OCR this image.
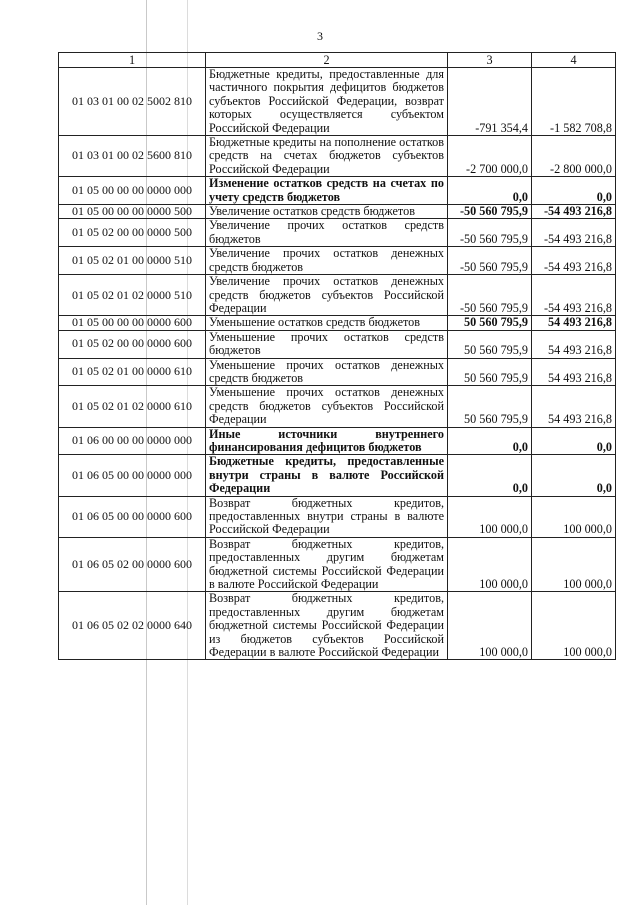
3
1	2	3	4
01 03 01 00 02 5002 810	Бюджетные кредиты, предоставленные для частичного покрытия дефицитов бюджетов субъектов Российской Федерации, возврат которых осуществляется субъектом Российской Федерации	-791 354,4	-1 582 708,8
01 03 01 00 02 5600 810	Бюджетные кредиты на пополнение остатков средств на счетах бюджетов субъектов Российской Федерации	-2 700 000,0	-2 800 000,0
01 05 00 00 00 0000 000	Изменение остатков средств на счетах по учету средств бюджетов	0,0	0,0
01 05 00 00 00 0000 500	Увеличение остатков средств бюджетов	-50 560 795,9	-54 493 216,8
01 05 02 00 00 0000 500	Увеличение прочих остатков средств бюджетов	-50 560 795,9	-54 493 216,8
01 05 02 01 00 0000 510	Увеличение прочих остатков денежных средств бюджетов	-50 560 795,9	-54 493 216,8
01 05 02 01 02 0000 510	Увеличение прочих остатков денежных средств бюджетов субъектов Российской Федерации	-50 560 795,9	-54 493 216,8
01 05 00 00 00 0000 600	Уменьшение остатков средств бюджетов	50 560 795,9	54 493 216,8
01 05 02 00 00 0000 600	Уменьшение прочих остатков средств бюджетов	50 560 795,9	54 493 216,8
01 05 02 01 00 0000 610	Уменьшение прочих остатков денежных средств бюджетов	50 560 795,9	54 493 216,8
01 05 02 01 02 0000 610	Уменьшение прочих остатков денежных средств бюджетов субъектов Российской Федерации	50 560 795,9	54 493 216,8
01 06 00 00 00 0000 000	Иные источники внутреннего финансирования дефицитов бюджетов	0,0	0,0
01 06 05 00 00 0000 000	Бюджетные кредиты, предоставленные внутри страны в валюте Российской Федерации	0,0	0,0
01 06 05 00 00 0000 600	Возврат бюджетных кредитов, предоставленных внутри страны в валюте Российской Федерации	100 000,0	100 000,0
01 06 05 02 00 0000 600	Возврат бюджетных кредитов, предоставленных другим бюджетам бюджетной системы Российской Федерации в валюте Российской Федерации	100 000,0	100 000,0
01 06 05 02 02 0000 640	Возврат бюджетных кредитов, предоставленных другим бюджетам бюджетной системы Российской Федерации из бюджетов субъектов Российской Федерации в валюте Российской Федерации	100 000,0	100 000,0
